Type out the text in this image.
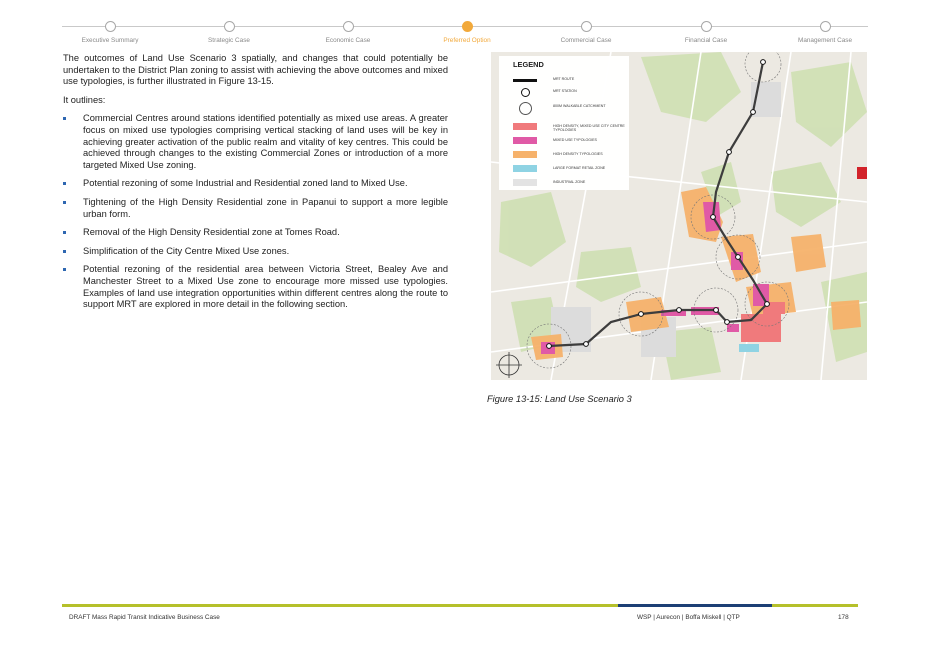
Executive Summary	Strategic Case	Economic Case	Preferred Option	Commercial Case	Financial Case	Management Case

The outcomes of Land Use Scenario 3 spatially, and changes that could potentially be undertaken to the District Plan zoning to assist with achieving the above outcomes and mixed use typologies, is further illustrated in Figure 13-15.

It outlines:

Commercial Centres around stations identified potentially as mixed use areas. A greater focus on mixed use typologies comprising vertical stacking of land uses will be key in achieving greater activation of the public realm and vitality of key centres. This could be achieved through changes to the existing Commercial Zones or introduction of a more targeted Mixed Use zoning.
Potential rezoning of some Industrial and Residential zoned land to Mixed Use.
Tightening of the High Density Residential zone in Papanui to support a more legible urban form.
Removal of the High Density Residential zone at Tomes Road.
Simplification of the City Centre Mixed Use zones.
Potential rezoning of the residential area between Victoria Street, Bealey Ave and Manchester Street to a Mixed Use zone to encourage more missed use typologies. Examples of land use integration opportunities within different centres along the route to support MRT are explored in more detail in the following section.
LEGEND
MRT ROUTE
MRT STATION
800M WALKABLE CATCHMENT
HIGH DENSITY, MIXED USE CITY CENTRE TYPOLOGIES
MIXED USE TYPOLOGIES
HIGH DENSITY TYPOLOGIES
LARGE FORMAT RETAIL ZONE
INDUSTRIAL ZONE
Figure 13-15: Land Use Scenario 3
DRAFT Mass Rapid Transit Indicative Business Case	WSP | Aurecon | Boffa Miskell | QTP	178
